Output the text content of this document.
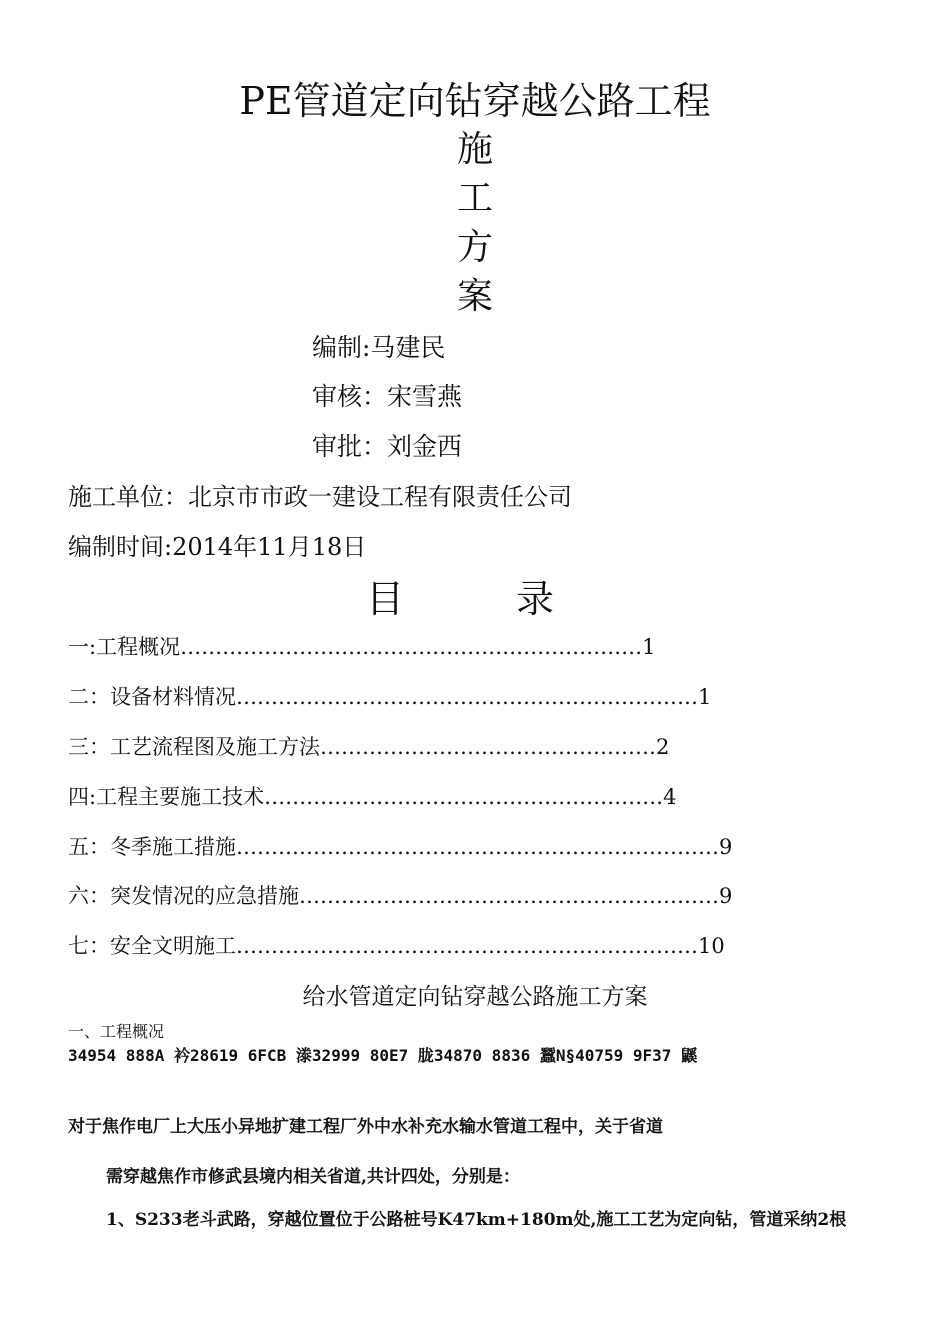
PE管道定向钻穿越公路工程
施
工
方
案
编制:马建民
审核：宋雪燕
审批：刘金西
施工单位：北京市市政一建设工程有限责任公司
编制时间:2014年11月18日
目 录
一:工程概况 ………………………………………………………… 1
二：设备材料情况 ………………………………………………………… 1
三：工艺流程图及施工方法 ………………………………………… 2
四:工程主要施工技术 ………………………………………………… 4
五：冬季施工措施 …………………………………………………………… 9
六：突发情况的应急措施 …………………………………………………… 9
七：安全文明施工 ………………………………………………………… 10
给水管道定向钻穿越公路施工方案
一、工程概况
34954 888A 衿28619 6FCB 漛32999 80E7 胧34870 8836 蠶N§40759 9F37 鼷
对于焦作电厂上大压小异地扩建工程厂外中水补充水输水管道工程中，关于省道
需穿越焦作市修武县境内相关省道,共计四处，分别是：
1、S233老斗武路，穿越位置位于公路桩号K47km+180m处,施工工艺为定向钻，管道采纳2根
